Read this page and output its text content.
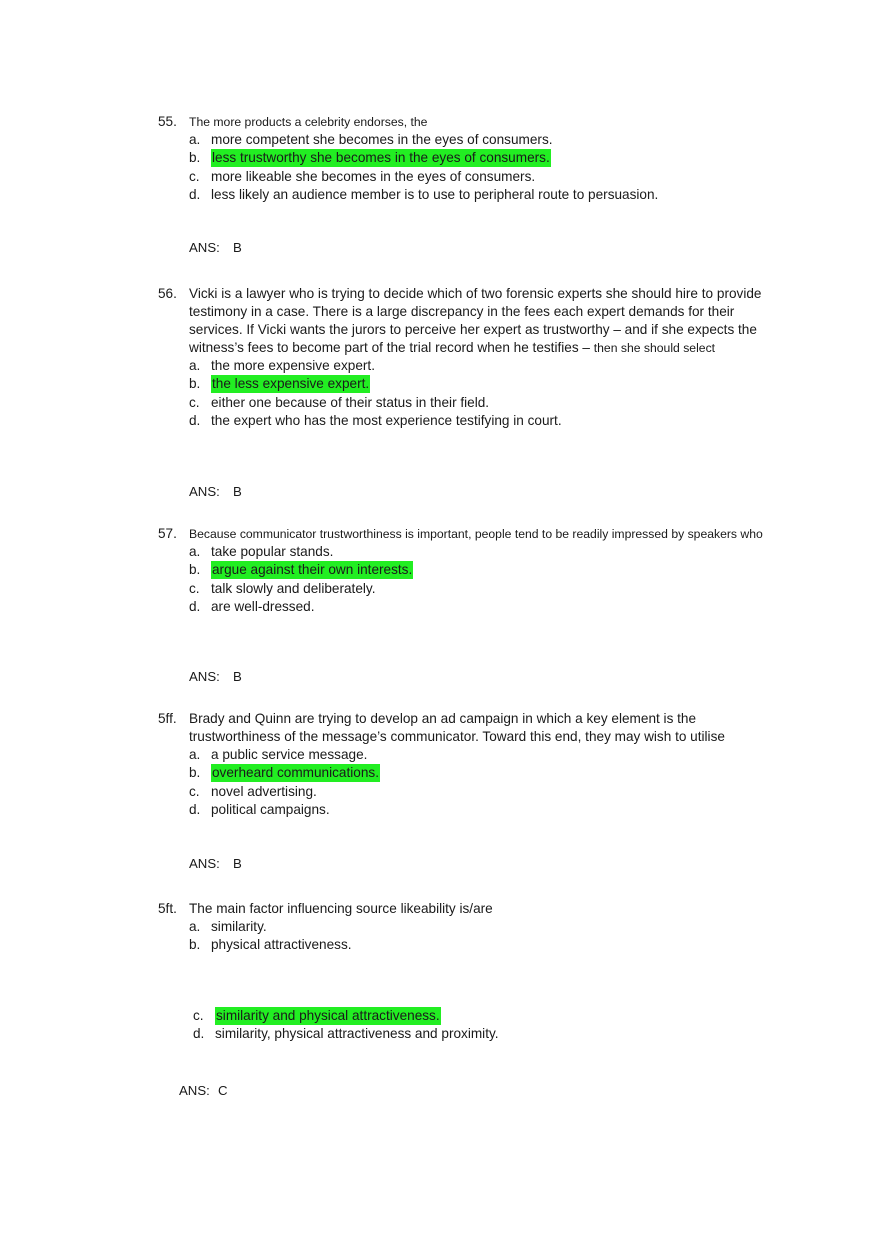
55. The more products a celebrity endorses, the
a. more competent she becomes in the eyes of consumers.
b. less trustworthy she becomes in the eyes of consumers.
c. more likeable she becomes in the eyes of consumers.
d. less likely an audience member is to use to peripheral route to persuasion.
ANS: B
56. Vicki is a lawyer who is trying to decide which of two forensic experts she should hire to provide testimony in a case. There is a large discrepancy in the fees each expert demands for their services. If Vicki wants the jurors to perceive her expert as trustworthy – and if she expects the witness’s fees to become part of the trial record when he testifies – then she should select
a. the more expensive expert.
b. the less expensive expert.
c. either one because of their status in their field.
d. the expert who has the most experience testifying in court.
ANS: B
57. Because communicator trustworthiness is important, people tend to be readily impressed by speakers who
a. take popular stands.
b. argue against their own interests.
c. talk slowly and deliberately.
d. are well-dressed.
ANS: B
5ff. Brady and Quinn are trying to develop an ad campaign in which a key element is the trustworthiness of the message’s communicator. Toward this end, they may wish to utilise
a. a public service message.
b. overheard communications.
c. novel advertising.
d. political campaigns.
ANS: B
5ft. The main factor influencing source likeability is/are
a. similarity.
b. physical attractiveness.
c. similarity and physical attractiveness.
d. similarity, physical attractiveness and proximity.
ANS: C
